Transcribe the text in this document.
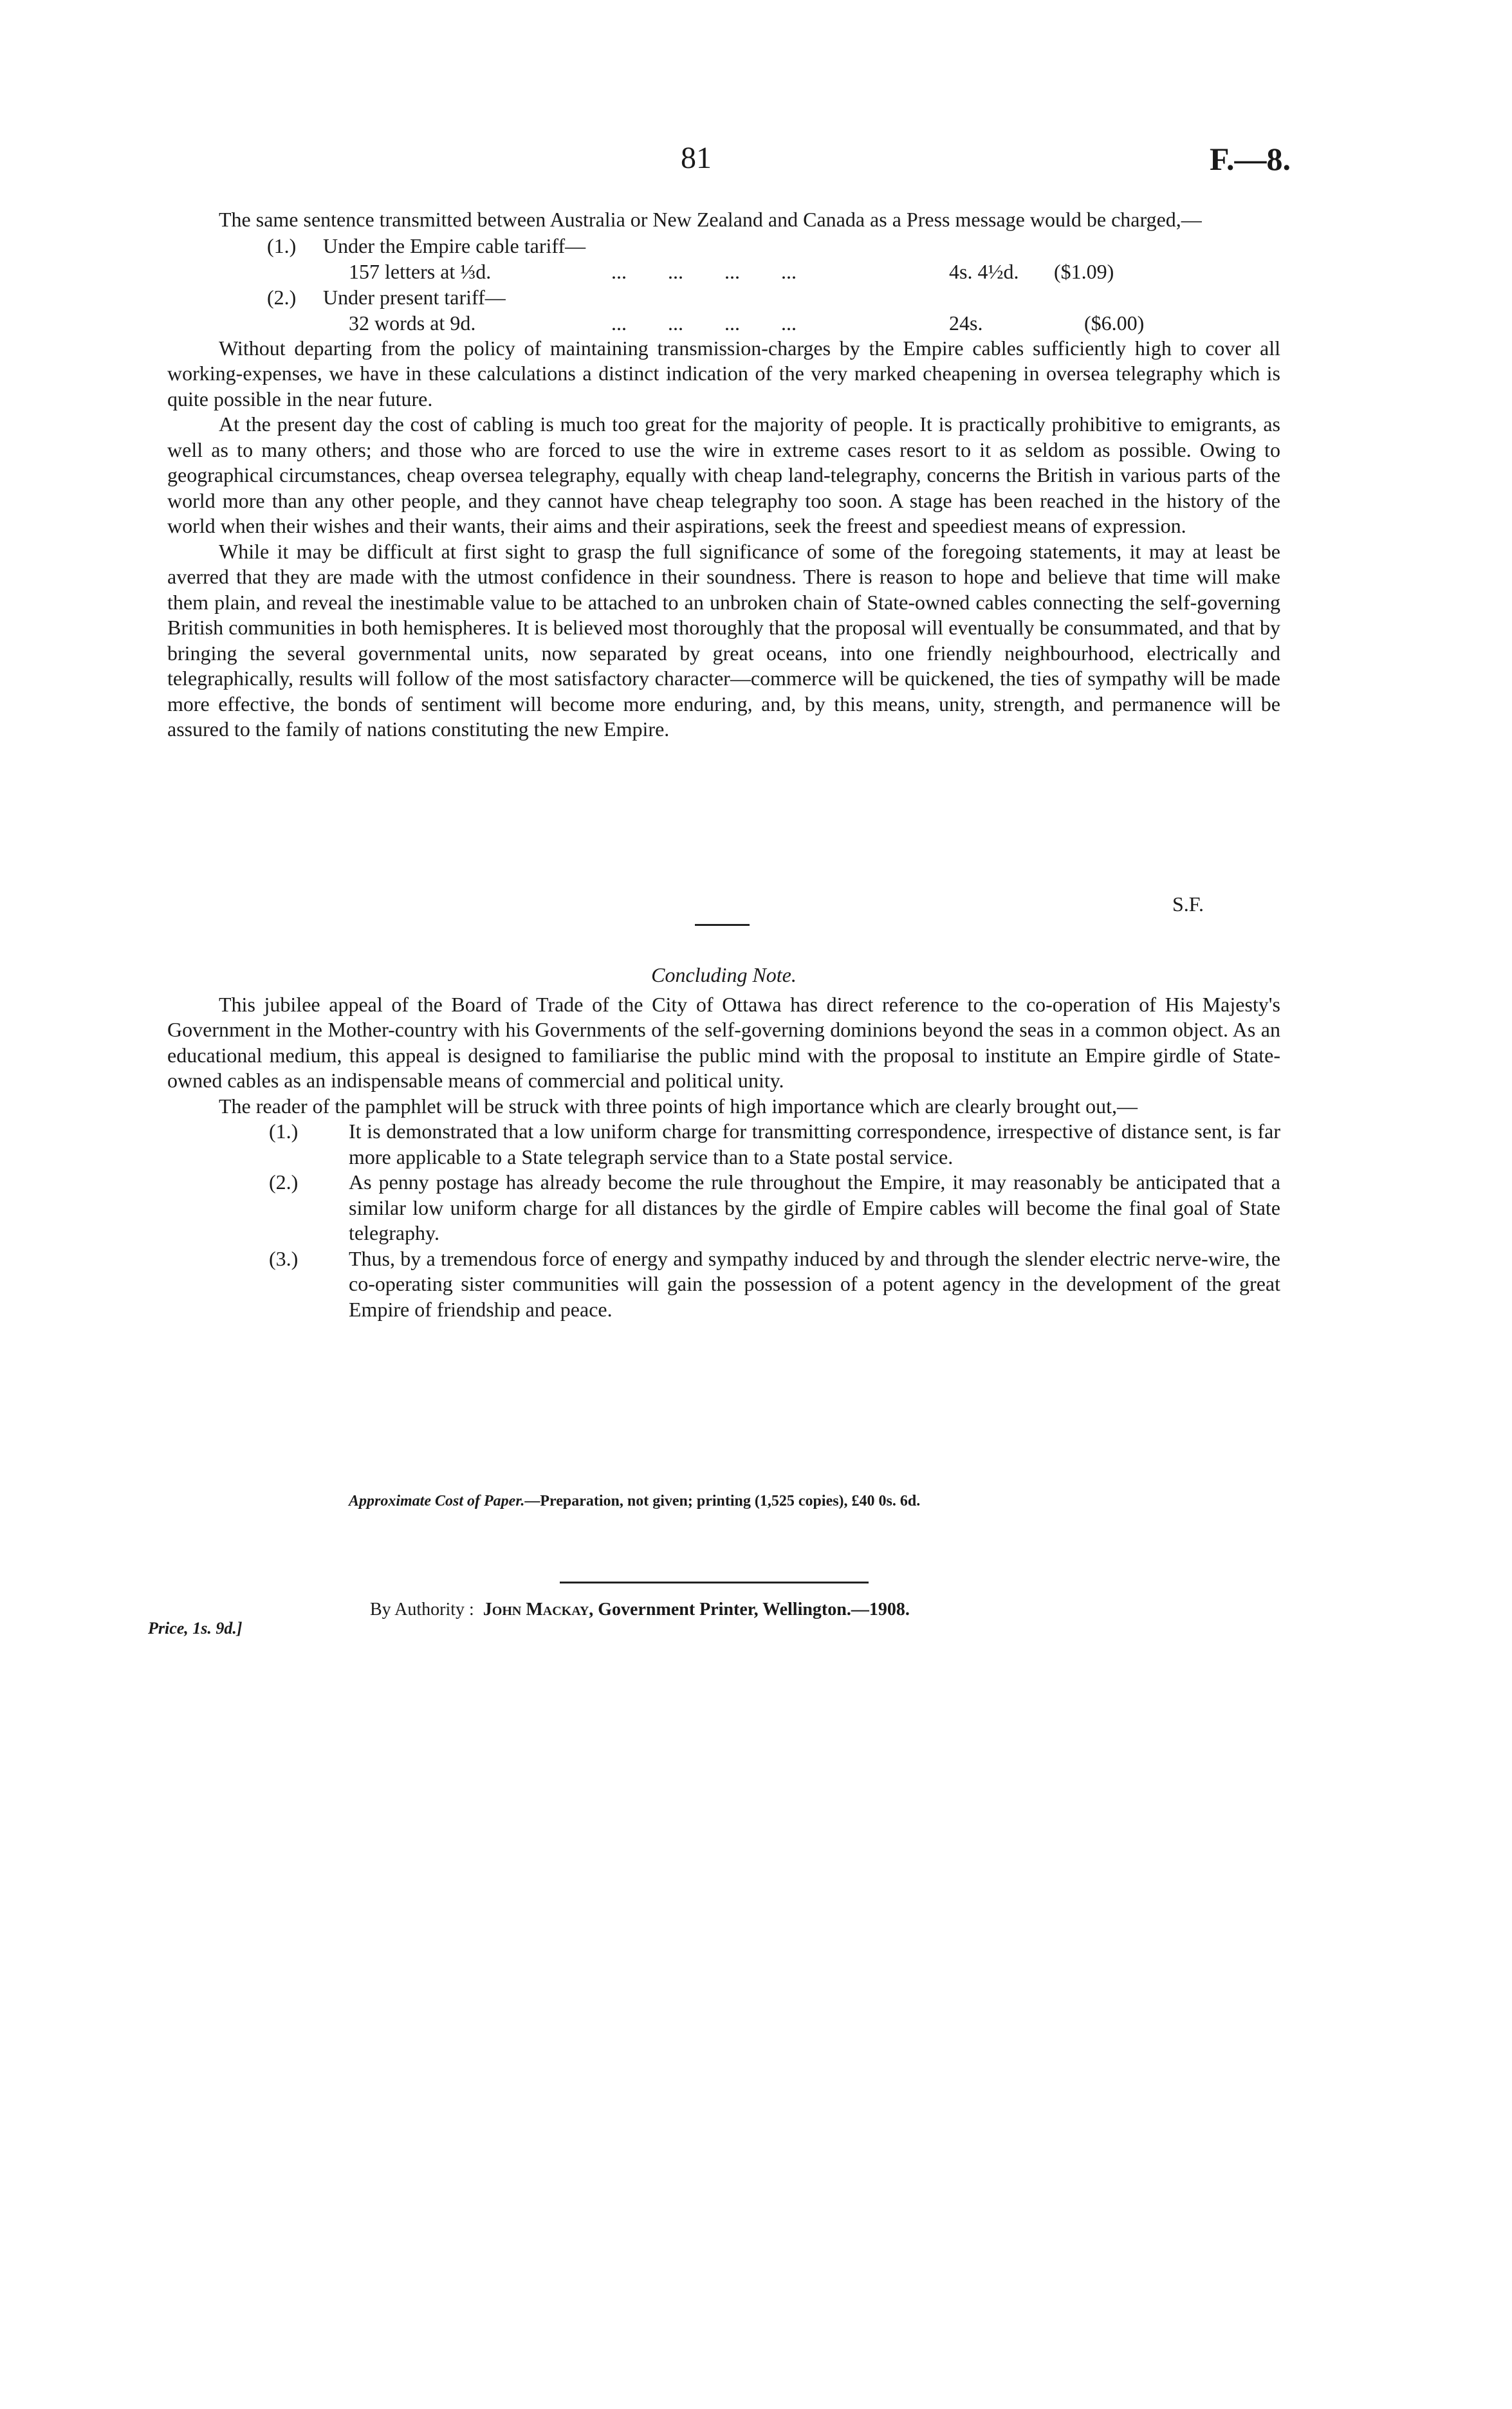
81	F.—8.

The same sentence transmitted between Australia or New Zealand and Canada as a Press message would be charged,—

(1.) Under the Empire cable tariff—
157 letters at ⅓d.	...        ...        ...        ...	4s. 4½d. ($1.09)
(2.) Under present tariff—
32 words at 9d.	...        ...        ...        ...	24s.	($6.00)

Without departing from the policy of maintaining transmission-charges by the Empire cables sufficiently high to cover all working-expenses, we have in these calculations a distinct indication of the very marked cheapening in oversea telegraphy which is quite possible in the near future.

At the present day the cost of cabling is much too great for the majority of people. It is practically prohibitive to emigrants, as well as to many others; and those who are forced to use the wire in extreme cases resort to it as seldom as possible. Owing to geographical circumstances, cheap oversea telegraphy, equally with cheap land-telegraphy, concerns the British in various parts of the world more than any other people, and they cannot have cheap telegraphy too soon. A stage has been reached in the history of the world when their wishes and their wants, their aims and their aspirations, seek the freest and speediest means of expression.

While it may be difficult at first sight to grasp the full significance of some of the foregoing statements, it may at least be averred that they are made with the utmost confidence in their soundness. There is reason to hope and believe that time will make them plain, and reveal the inestimable value to be attached to an unbroken chain of State-owned cables connecting the self-governing British communities in both hemispheres. It is believed most thoroughly that the proposal will eventually be consummated, and that by bringing the several governmental units, now separated by great oceans, into one friendly neighbourhood, electrically and telegraphically, results will follow of the most satisfactory character—commerce will be quickened, the ties of sympathy will be made more effective, the bonds of sentiment will become more enduring, and, by this means, unity, strength, and permanence will be assured to the family of nations constituting the new Empire.

S.F.

Concluding Note.

This jubilee appeal of the Board of Trade of the City of Ottawa has direct reference to the co-operation of His Majesty's Government in the Mother-country with his Governments of the self-governing dominions beyond the seas in a common object. As an educational medium, this appeal is designed to familiarise the public mind with the proposal to institute an Empire girdle of State-owned cables as an indispensable means of commercial and political unity.

The reader of the pamphlet will be struck with three points of high importance which are clearly brought out,—

(1.) It is demonstrated that a low uniform charge for transmitting correspondence, irrespective of distance sent, is far more applicable to a State telegraph service than to a State postal service.
(2.) As penny postage has already become the rule throughout the Empire, it may reasonably be anticipated that a similar low uniform charge for all distances by the girdle of Empire cables will become the final goal of State telegraphy.
(3.) Thus, by a tremendous force of energy and sympathy induced by and through the slender electric nerve-wire, the co-operating sister communities will gain the possession of a potent agency in the development of the great Empire of friendship and peace.
Approximate Cost of Paper.—Preparation, not given; printing (1,525 copies), £40 0s. 6d.
By Authority : John Mackay, Government Printer, Wellington.—1908.
Price, 1s. 9d.]
